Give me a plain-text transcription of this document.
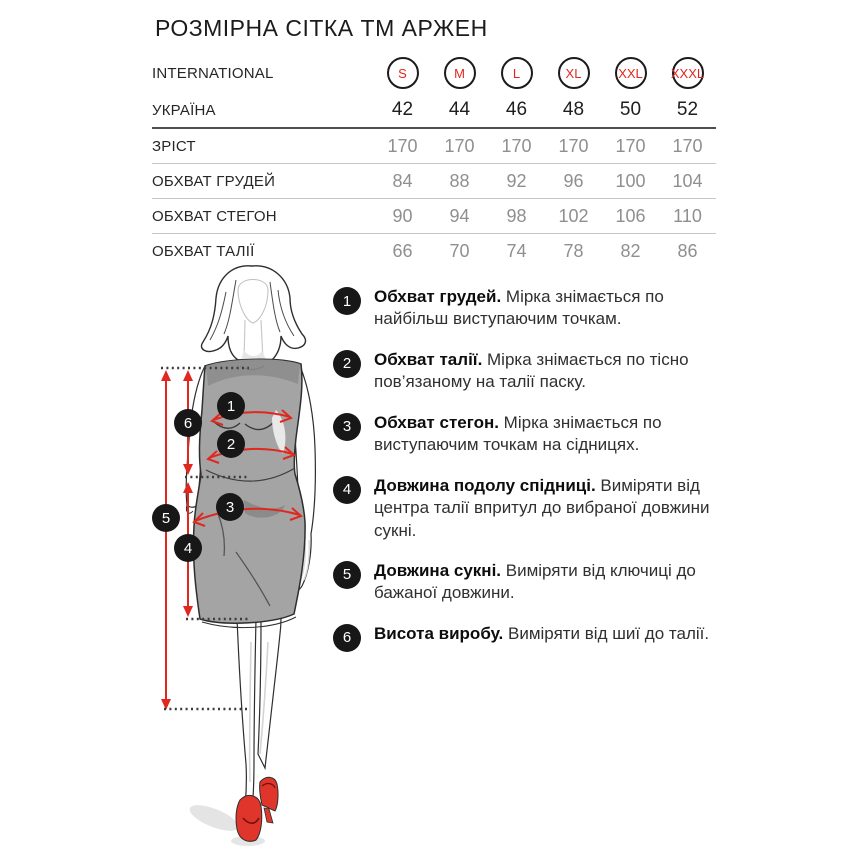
РОЗМІРНА СІТКА ТМ АРЖЕН
INTERNATIONAL	S	M	L	XL	XXL	XXXL
УКРАЇНА	42	44	46	48	50	52
ЗРІСТ	170	170	170	170	170	170
ОБХВАТ ГРУДЕЙ	84	88	92	96	100	104
ОБХВАТ СТЕГОН	90	94	98	102	106	110
ОБХВАТ ТАЛІЇ	66	70	74	78	82	86
1
2
3
4
5
6
1	Обхват грудей. Мірка знімається по найбільш виступаючим точкам.
2	Обхват талії. Мірка знімається по тісно пов’язаному на талії паску.
3	Обхват стегон. Мірка знімається по виступаючим точкам на сідницях.
4	Довжина подолу спідниці. Виміряти від центра талії впритул до вибраної довжини сукні.
5	Довжина сукні. Виміряти від ключиці до бажаної довжини.
6	Висота виробу. Виміряти від шиї до талії.
